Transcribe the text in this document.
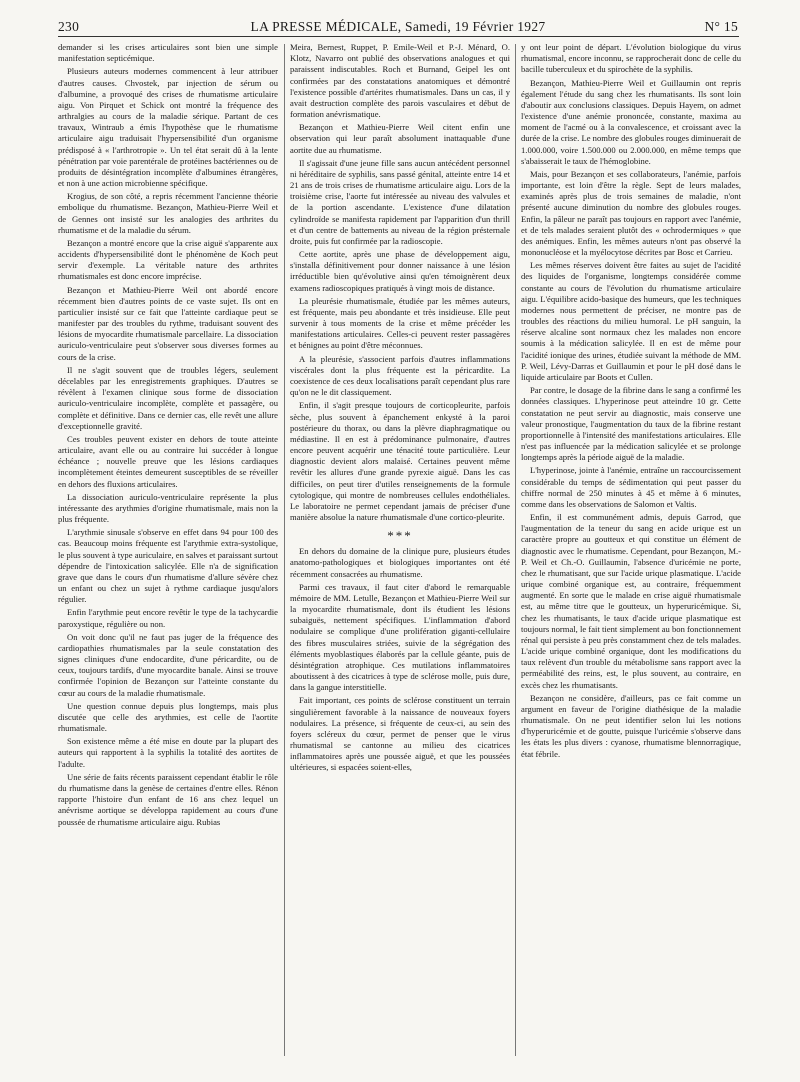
230	LA PRESSE MÉDICALE, Samedi, 19 Février 1927	N° 15

demander si les crises articulaires sont bien une simple manifestation septicémique.

Plusieurs auteurs modernes commencent à leur attribuer d'autres causes. Chvostek, par injection de sérum ou d'albumine, a provoqué des crises de rhumatisme articulaire aigu. Von Pirquet et Schick ont montré la fréquence des arthralgies au cours de la maladie sérique. Partant de ces travaux, Wintraub a émis l'hypothèse que le rhumatisme articulaire aigu traduisait l'hypersensibilité d'un organisme prédisposé à « l'arthrotropie ». Un tel état serait dû à la lente pénétration par voie parentérale de protéines bactériennes ou de produits de désintégration incomplète d'albumines étrangères, et non à une action microbienne spécifique.

Krogius, de son côté, a repris récemment l'ancienne théorie embolique du rhumatisme. Bezançon, Mathieu-Pierre Weil et de Gennes ont insisté sur les analogies des arthrites du rhumatisme et de la maladie du sérum.

Bezançon a montré encore que la crise aiguë s'apparente aux accidents d'hypersensibilité dont le phénomène de Koch peut servir d'exemple. La véritable nature des arthrites rhumatismales est donc encore imprécise.

Bezançon et Mathieu-Pierre Weil ont abordé encore récemment bien d'autres points de ce vaste sujet. Ils ont en particulier insisté sur ce fait que l'atteinte cardiaque peut se manifester par des troubles du rythme, traduisant souvent des lésions de myocardite rhumatismale parcellaire. La dissociation auriculo-ventriculaire peut s'observer sous diverses formes au cours de la crise.

Il ne s'agit souvent que de troubles légers, seulement décelables par les enregistrements graphiques. D'autres se révèlent à l'examen clinique sous forme de dissociation auriculo-ventriculaire incomplète, complète et passagère, ou complète et définitive. Dans ce dernier cas, elle revêt une allure d'exceptionnelle gravité.

Ces troubles peuvent exister en dehors de toute atteinte articulaire, avant elle ou au contraire lui succéder à longue échéance ; nouvelle preuve que les lésions cardiaques incomplètement éteintes demeurent susceptibles de se réveiller en dehors des fluxions articulaires.

La dissociation auriculo-ventriculaire représente la plus intéressante des arythmies d'origine rhumatismale, mais non la plus fréquente.

L'arythmie sinusale s'observe en effet dans 94 pour 100 des cas. Beaucoup moins fréquente est l'arythmie extra-systolique, le plus souvent à type auriculaire, en salves et paraissant surtout dépendre de l'intoxication salicylée. Elle n'a de signification grave que dans le cours d'un rhumatisme d'allure sévère chez un enfant ou chez un sujet à rythme cardiaque jusqu'alors régulier.

Enfin l'arythmie peut encore revêtir le type de la tachycardie paroxystique, régulière ou non.

On voit donc qu'il ne faut pas juger de la fréquence des cardiopathies rhumatismales par la seule constatation des signes cliniques d'une endocardite, d'une péricardite, ou de ceux, toujours tardifs, d'une myocardite banale. Ainsi se trouve confirmée l'opinion de Bezançon sur l'atteinte constante du cœur au cours de la maladie rhumatismale.

Une question connue depuis plus longtemps, mais plus discutée que celle des arythmies, est celle de l'aortite rhumatismale.

Son existence même a été mise en doute par la plupart des auteurs qui rapportent à la syphilis la totalité des aortites de l'adulte.

Une série de faits récents paraissent cependant établir le rôle du rhumatisme dans la genèse de certaines d'entre elles. Rénon rapporte l'histoire d'un enfant de 16 ans chez lequel un anévrisme aortique se développa rapidement au cours d'une poussée de rhumatisme articulaire aigu. Rubias

Meira, Bernest, Ruppet, P. Emile-Weil et P.-J. Ménard, O. Klotz, Navarro ont publié des observations analogues et qui paraissent indiscutables. Roch et Burnand, Geipel les ont confirmées par des constatations anatomiques et démontré l'existence possible d'artérites rhumatismales. Dans un cas, il y avait destruction complète des parois vasculaires et début de formation anévrismatique.

Bezançon et Mathieu-Pierre Weil citent enfin une observation qui leur paraît absolument inattaquable d'une aortite due au rhumatisme.

Il s'agissait d'une jeune fille sans aucun antécédent personnel ni héréditaire de syphilis, sans passé génital, atteinte entre 14 et 21 ans de trois crises de rhumatisme articulaire aigu. Lors de la troisième crise, l'aorte fut intéressée au niveau des valvules et de la portion ascendante. L'existence d'une dilatation cylindroïde se manifesta rapidement par l'apparition d'un thrill et d'un centre de battements au niveau de la région présternale droite, puis fut confirmée par la radioscopie.

Cette aortite, après une phase de développement aigu, s'installa définitivement pour donner naissance à une lésion irréductible bien qu'évolutive ainsi qu'en témoignèrent deux examens radioscopiques pratiqués à vingt mois de distance.

La pleurésie rhumatismale, étudiée par les mêmes auteurs, est fréquente, mais peu abondante et très insidieuse. Elle peut survenir à tous moments de la crise et même précéder les manifestations articulaires. Celles-ci peuvent rester passagères et bénignes au point d'être méconnues.

A la pleurésie, s'associent parfois d'autres inflammations viscérales dont la plus fréquente est la péricardite. La coexistence de ces deux localisations paraît cependant plus rare qu'on ne le dit classiquement.

Enfin, il s'agit presque toujours de corticopleurite, parfois sèche, plus souvent à épanchement enkysté à la paroi postérieure du thorax, ou dans la plèvre diaphragmatique ou médiastine. Il en est à prédominance pulmonaire, d'autres encore peuvent acquérir une ténacité toute particulière. Leur diagnostic devient alors malaisé. Certaines peuvent même revêtir les allures d'une grande pyrexie aiguë. Dans les cas difficiles, on peut tirer d'utiles renseignements de la formule cytologique, qui montre de nombreuses cellules endothéliales. Le laboratoire ne permet cependant jamais de préciser d'une manière absolue la nature rhumatismale d'une cortico-pleurite.

***

En dehors du domaine de la clinique pure, plusieurs études anatomo-pathologiques et biologiques importantes ont été récemment consacrées au rhumatisme.

Parmi ces travaux, il faut citer d'abord le remarquable mémoire de MM. Letulle, Bezançon et Mathieu-Pierre Weil sur la myocardite rhumatismale, dont ils étudient les lésions subaiguës, nettement spécifiques. L'inflammation d'abord nodulaire se complique d'une prolifération giganti-cellulaire des fibres musculaires striées, suivie de la ségrégation des éléments myoblastiques élaborés par la cellule géante, puis de désintégration atrophique. Ces mutilations inflammatoires aboutissent à des cicatrices à type de sclérose molle, puis dure, dans la gangue interstitielle.

Fait important, ces points de sclérose constituent un terrain singulièrement favorable à la naissance de nouveaux foyers nodulaires. La présence, si fréquente de ceux-ci, au sein des foyers scléreux du cœur, permet de penser que le virus rhumatismal se cantonne au milieu des cicatrices inflammatoires après une poussée aiguë, et que les poussées ultérieures, si espacées soient-elles,

y ont leur point de départ. L'évolution biologique du virus rhumatismal, encore inconnu, se rapprocherait donc de celle du bacille tuberculeux et du spirochète de la syphilis.

Bezançon, Mathieu-Pierre Weil et Guillaumin ont repris également l'étude du sang chez les rhumatisants. Ils sont loin d'aboutir aux conclusions classiques. Depuis Hayem, on admet l'existence d'une anémie prononcée, constante, maxima au moment de l'acmé ou à la convalescence, et croissant avec la durée de la crise. Le nombre des globules rouges diminuerait de 1.000.000, voire 1.500.000 ou 2.000.000, en même temps que s'abaisserait le taux de l'hémoglobine.

Mais, pour Bezançon et ses collaborateurs, l'anémie, parfois importante, est loin d'être la règle. Sept de leurs malades, examinés après plus de trois semaines de maladie, n'ont présenté aucune diminution du nombre des globules rouges. Enfin, la pâleur ne paraît pas toujours en rapport avec l'anémie, et de tels malades seraient plutôt des « ochrodermiques » que des anémiques. Enfin, les mêmes auteurs n'ont pas observé la mononucléose et la myélocytose décrites par Bosc et Carrieu.

Les mêmes réserves doivent être faites au sujet de l'acidité des liquides de l'organisme, longtemps considérée comme constante au cours de l'évolution du rhumatisme articulaire aigu. L'équilibre acido-basique des humeurs, que les techniques modernes nous permettent de préciser, ne montre pas de troubles des réactions du milieu humoral. Le pH sanguin, la réserve alcaline sont normaux chez les malades non encore soumis à la médication salicylée. Il en est de même pour l'acidité ionique des urines, étudiée suivant la méthode de MM. P. Weil, Lévy-Darras et Guillaumin et pour le pH dosé dans le liquide articulaire par Boots et Cullen.

Par contre, le dosage de la fibrine dans le sang a confirmé les données classiques. L'hyperinose peut atteindre 10 gr. Cette constatation ne peut servir au diagnostic, mais conserve une valeur pronostique, l'augmentation du taux de la fibrine restant proportionnelle à l'intensité des manifestations articulaires. Elle n'est pas influencée par la médication salicylée et se prolonge longtemps après la période aiguë de la maladie.

L'hyperinose, jointe à l'anémie, entraîne un raccourcissement considérable du temps de sédimentation qui peut passer du chiffre normal de 250 minutes à 45 et même à 6 minutes, comme dans les observations de Salomon et Valtis.

Enfin, il est communément admis, depuis Garrod, que l'augmentation de la teneur du sang en acide urique est un caractère propre au goutteux et qui constitue un élément de diagnostic avec le rhumatisme. Cependant, pour Bezançon, M.-P. Weil et Ch.-O. Guillaumin, l'absence d'uricémie ne porte, chez le rhumatisant, que sur l'acide urique plasmatique. L'acide urique combiné organique est, au contraire, fréquemment augmenté. En sorte que le malade en crise aiguë rhumatismale est, au même titre que le goutteux, un hyperuricémique. Si, chez les rhumatisants, le taux d'acide urique plasmatique est toujours normal, le fait tient simplement au bon fonctionnement rénal qui persiste à peu près constamment chez de tels malades. L'acide urique combiné organique, dont les modifications du taux relèvent d'un trouble du métabolisme sans rapport avec la perméabilité des reins, est, le plus souvent, au contraire, en excès chez les rhumatisants.

Bezançon ne considère, d'ailleurs, pas ce fait comme un argument en faveur de l'origine diathésique de la maladie rhumatismale. On ne peut identifier selon lui les notions d'hyperuricémie et de goutte, puisque l'uricémie s'observe dans les états les plus divers : cyanose, rhumatisme blennorragique, état fébrile.
